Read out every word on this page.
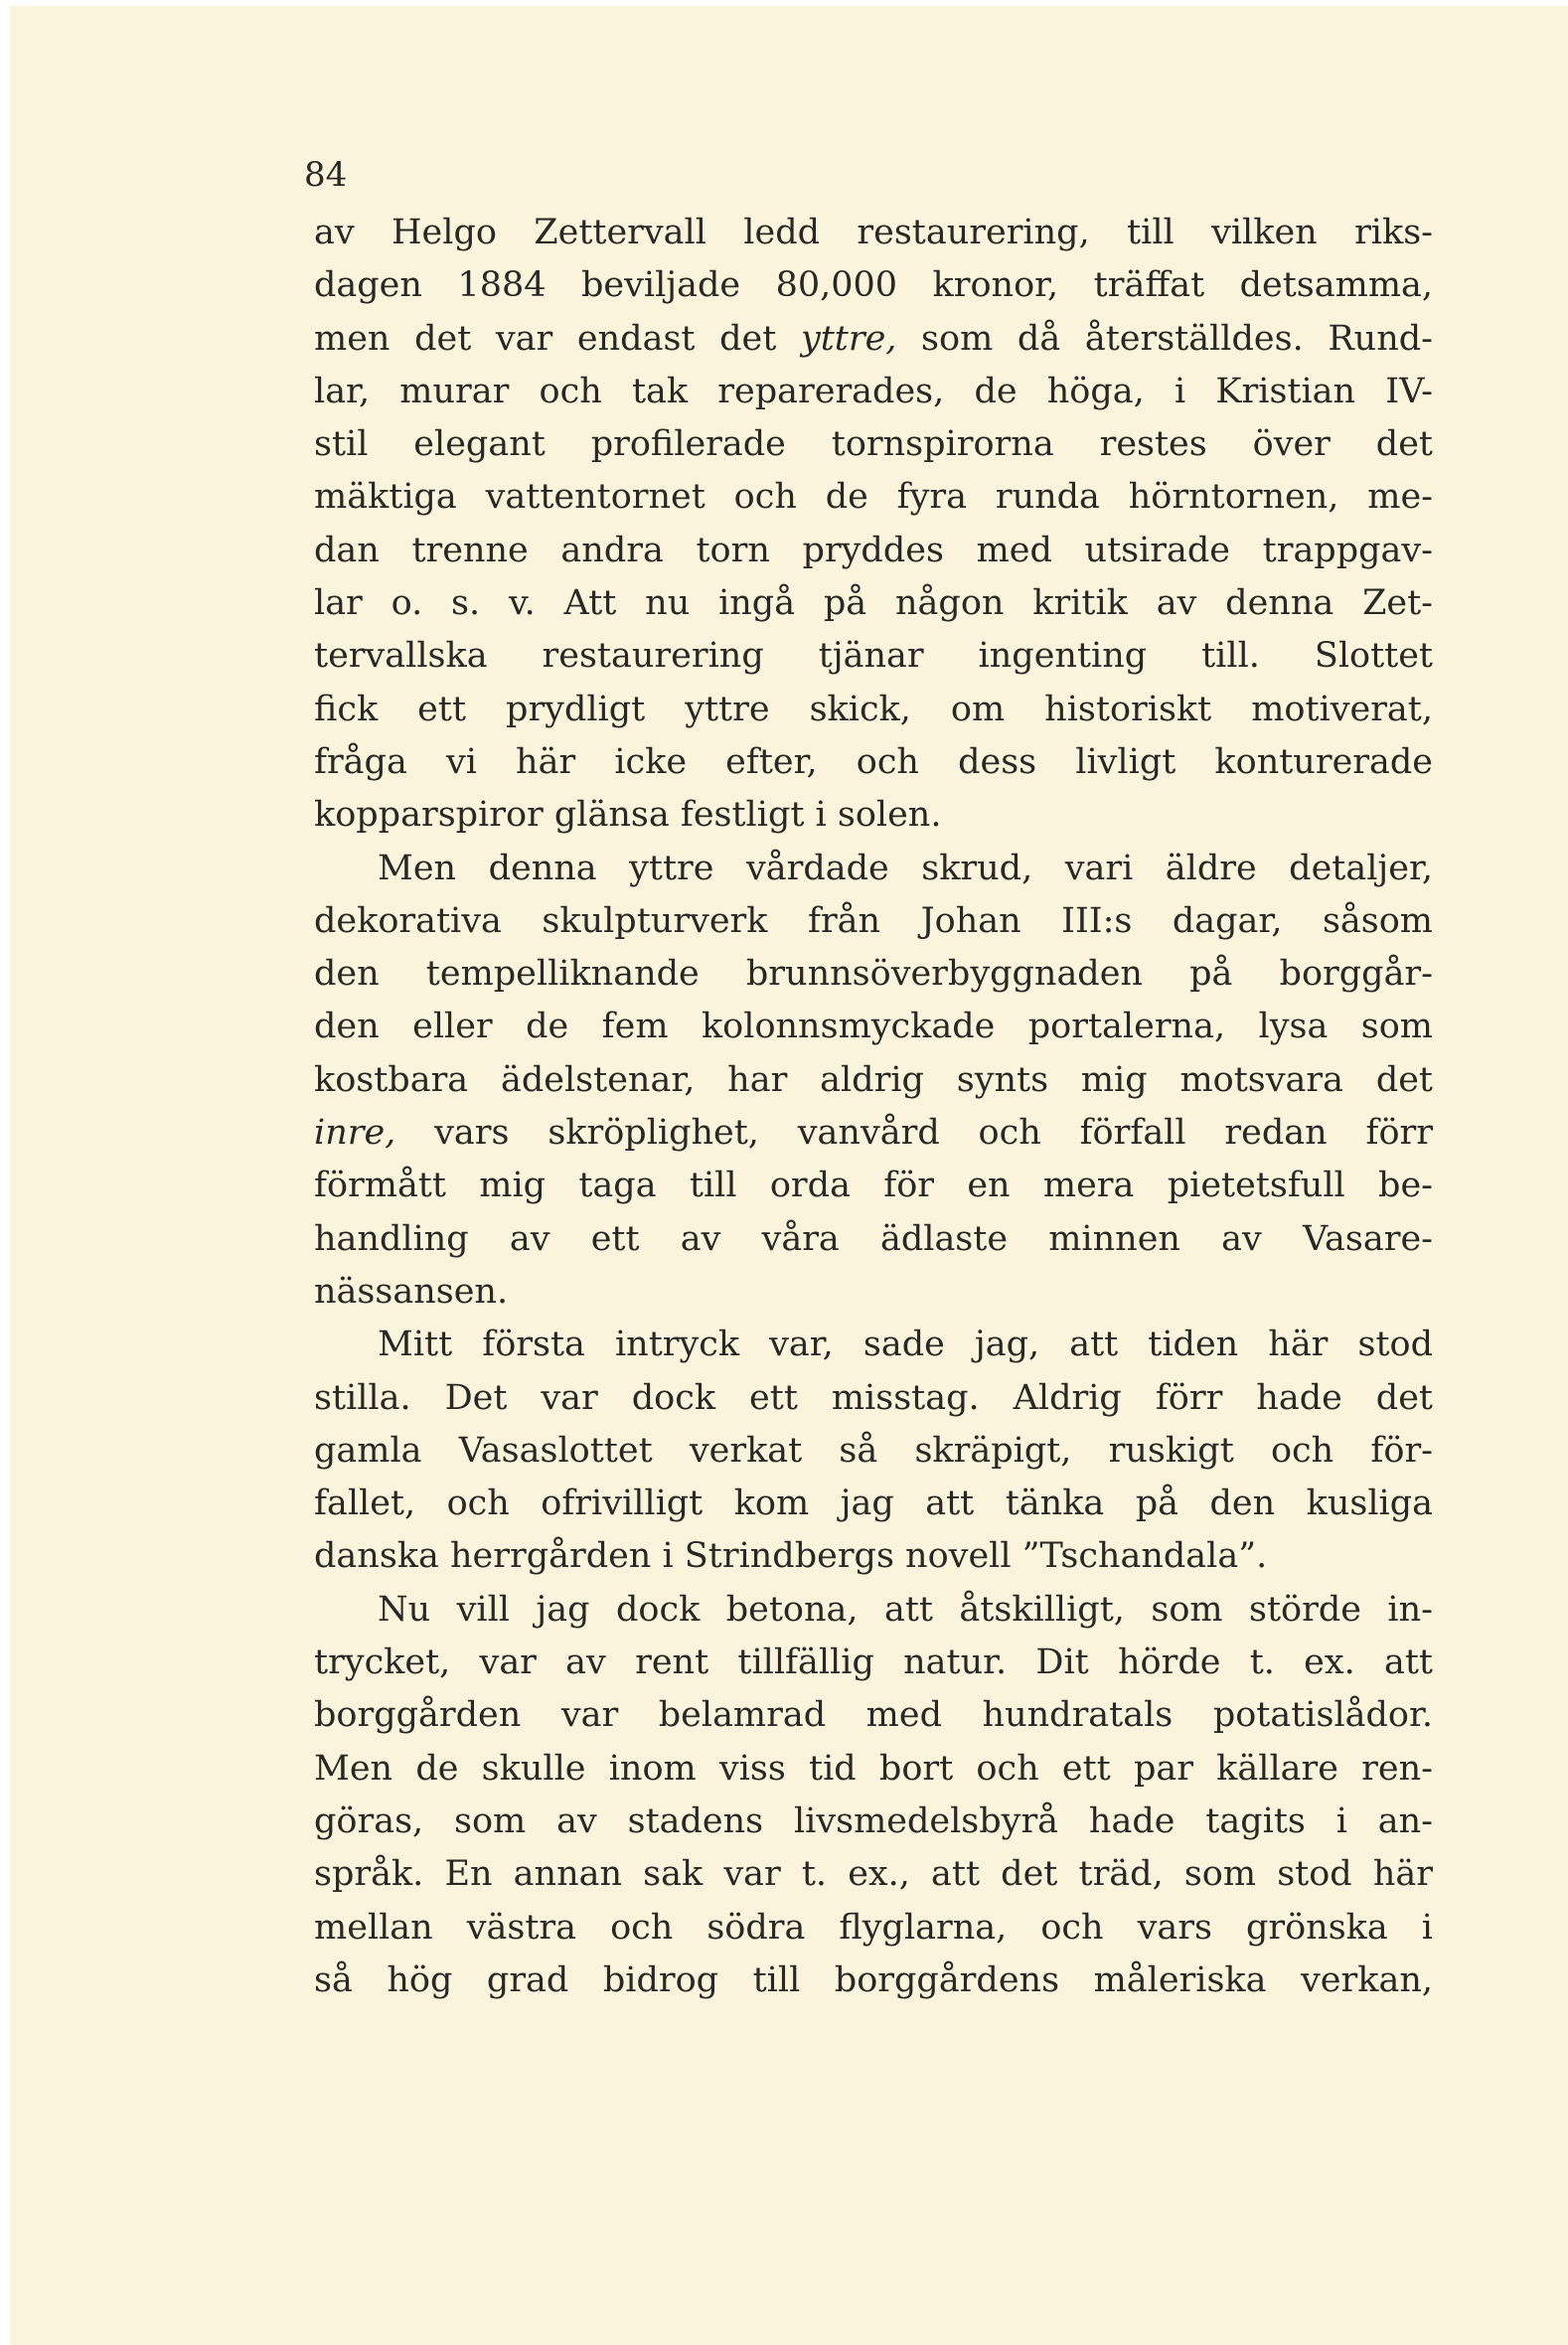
84
av Helgo Zettervall ledd restaurering, till vilken riks-
dagen 1884 beviljade 80,000 kronor, träffat detsamma,
men det var endast det yttre, som då återställdes. Rund-
lar, murar och tak reparerades, de höga, i Kristian IV-
stil elegant profilerade tornspirorna restes över det
mäktiga vattentornet och de fyra runda hörntornen, me-
dan trenne andra torn pryddes med utsirade trappgav-
lar o. s. v. Att nu ingå på någon kritik av denna Zet-
tervallska restaurering tjänar ingenting till. Slottet
fick ett prydligt yttre skick, om historiskt motiverat,
fråga vi här icke efter, och dess livligt konturerade
kopparspiror glänsa festligt i solen.
Men denna yttre vårdade skrud, vari äldre detaljer,
dekorativa skulpturverk från Johan III:s dagar, såsom
den tempelliknande brunnsöverbyggnaden på borggår-
den eller de fem kolonnsmyckade portalerna, lysa som
kostbara ädelstenar, har aldrig synts mig motsvara det
inre, vars skröplighet, vanvård och förfall redan förr
förmått mig taga till orda för en mera pietetsfull be-
handling av ett av våra ädlaste minnen av Vasare-
nässansen.
Mitt första intryck var, sade jag, att tiden här stod
stilla. Det var dock ett misstag. Aldrig förr hade det
gamla Vasaslottet verkat så skräpigt, ruskigt och för-
fallet, och ofrivilligt kom jag att tänka på den kusliga
danska herrgården i Strindbergs novell ”Tschandala”.
Nu vill jag dock betona, att åtskilligt, som störde in-
trycket, var av rent tillfällig natur. Dit hörde t. ex. att
borggården var belamrad med hundratals potatislådor.
Men de skulle inom viss tid bort och ett par källare ren-
göras, som av stadens livsmedelsbyrå hade tagits i an-
språk. En annan sak var t. ex., att det träd, som stod här
mellan västra och södra flyglarna, och vars grönska i
så hög grad bidrog till borggårdens måleriska verkan,
